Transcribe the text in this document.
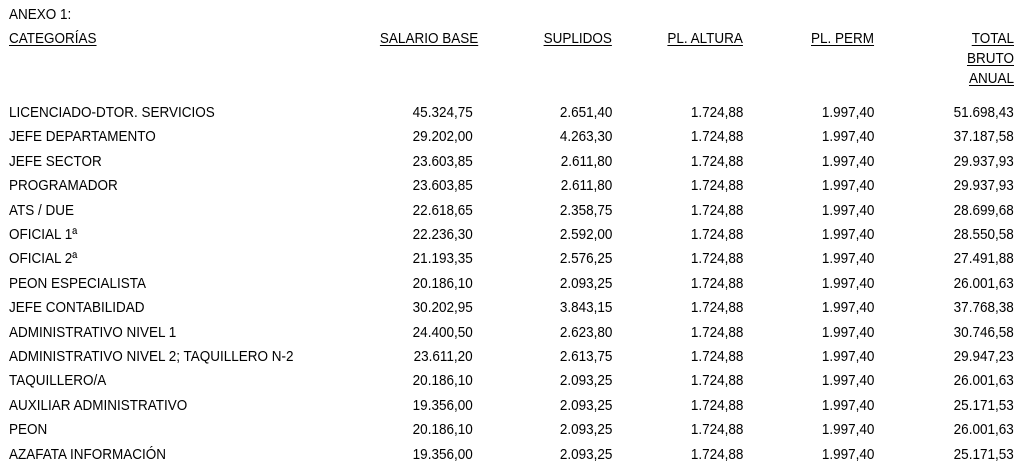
ANEXO 1:
CATEGORÍAS	SALARIO BASE	SUPLIDOS	PL. ALTURA	PL. PERM	TOTAL
BRUTO
ANUAL

LICENCIADO-DTOR. SERVICIOS	45.324,75	2.651,40	1.724,88	1.997,40	51.698,43
JEFE DEPARTAMENTO	29.202,00	4.263,30	1.724,88	1.997,40	37.187,58
JEFE SECTOR	23.603,85	2.611,80	1.724,88	1.997,40	29.937,93
PROGRAMADOR	23.603,85	2.611,80	1.724,88	1.997,40	29.937,93
ATS / DUE	22.618,65	2.358,75	1.724,88	1.997,40	28.699,68
OFICIAL 1ª	22.236,30	2.592,00	1.724,88	1.997,40	28.550,58
OFICIAL 2ª	21.193,35	2.576,25	1.724,88	1.997,40	27.491,88
PEON ESPECIALISTA	20.186,10	2.093,25	1.724,88	1.997,40	26.001,63
JEFE CONTABILIDAD	30.202,95	3.843,15	1.724,88	1.997,40	37.768,38
ADMINISTRATIVO NIVEL 1	24.400,50	2.623,80	1.724,88	1.997,40	30.746,58
ADMINISTRATIVO NIVEL 2; TAQUILLERO N-2	23.611,20	2.613,75	1.724,88	1.997,40	29.947,23
TAQUILLERO/A	20.186,10	2.093,25	1.724,88	1.997,40	26.001,63
AUXILIAR ADMINISTRATIVO	19.356,00	2.093,25	1.724,88	1.997,40	25.171,53
PEON	20.186,10	2.093,25	1.724,88	1.997,40	26.001,63
AZAFATA INFORMACIÓN	19.356,00	2.093,25	1.724,88	1.997,40	25.171,53
